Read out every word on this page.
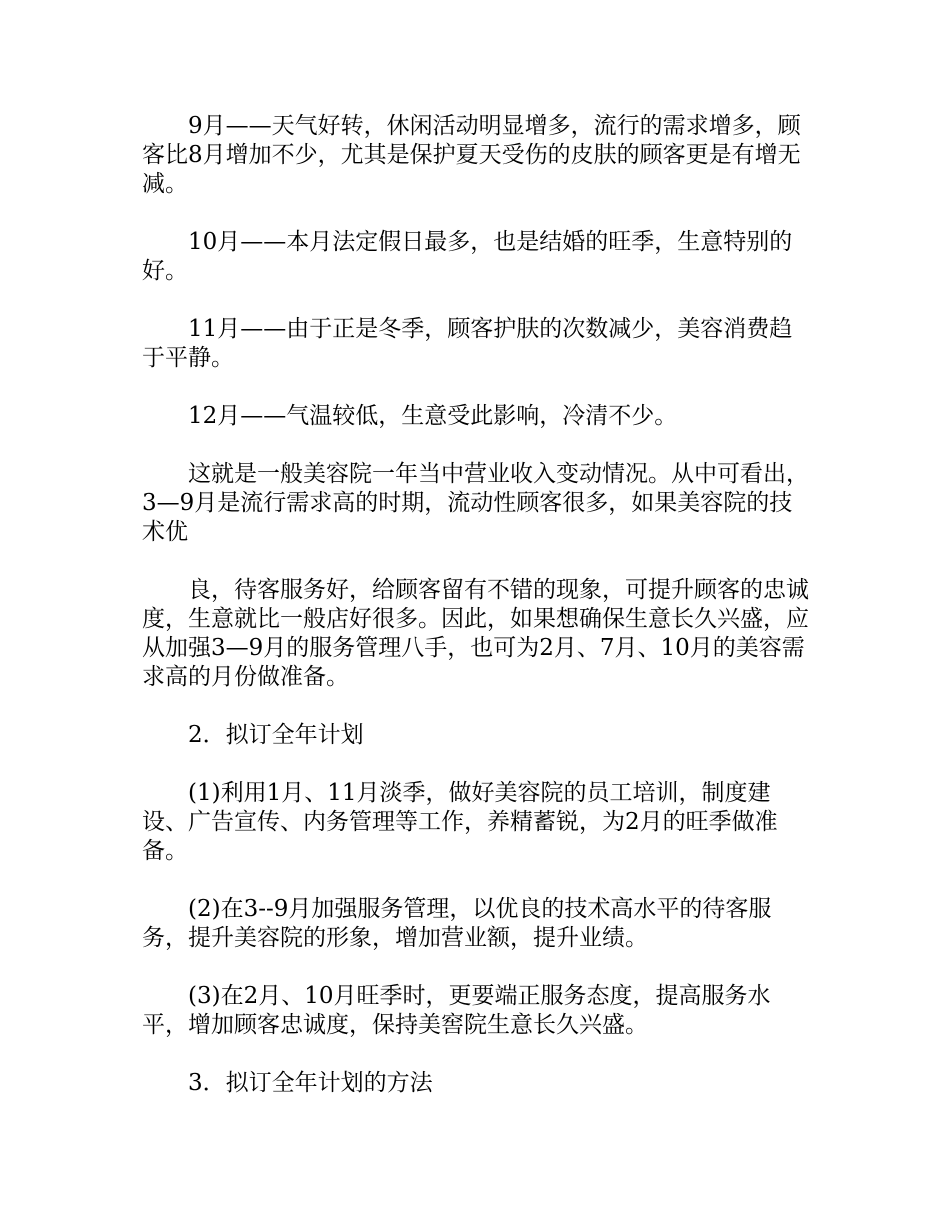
9月——天气好转，休闲活动明显增多，流行的需求增多，顾客比8月增加不少，尤其是保护夏天受伤的皮肤的顾客更是有增无减。

10月——本月法定假日最多，也是结婚的旺季，生意特别的好。

11月——由于正是冬季，顾客护肤的次数减少，美容消费趋于平静。

12月——气温较低，生意受此影响，冷清不少。

这就是一般美容院一年当中营业收入变动情况。从中可看出，3—9月是流行需求高的时期，流动性顾客很多，如果美容院的技术优

良，待客服务好，给顾客留有不错的现象，可提升顾客的忠诚度，生意就比一般店好很多。因此，如果想确保生意长久兴盛，应从加强3—9月的服务管理八手，也可为2月、7月、10月的美容需求高的月份做准备。

2．拟订全年计划

(1)利用1月、11月淡季，做好美容院的员工培训，制度建设、广告宣传、内务管理等工作，养精蓄锐，为2月的旺季做准备。

(2)在3--9月加强服务管理，以优良的技术高水平的待客服务，提升美容院的形象，增加营业额，提升业绩。

(3)在2月、10月旺季时，更要端正服务态度，提高服务水平，增加顾客忠诚度，保持美窖院生意长久兴盛。

3．拟订全年计划的方法
